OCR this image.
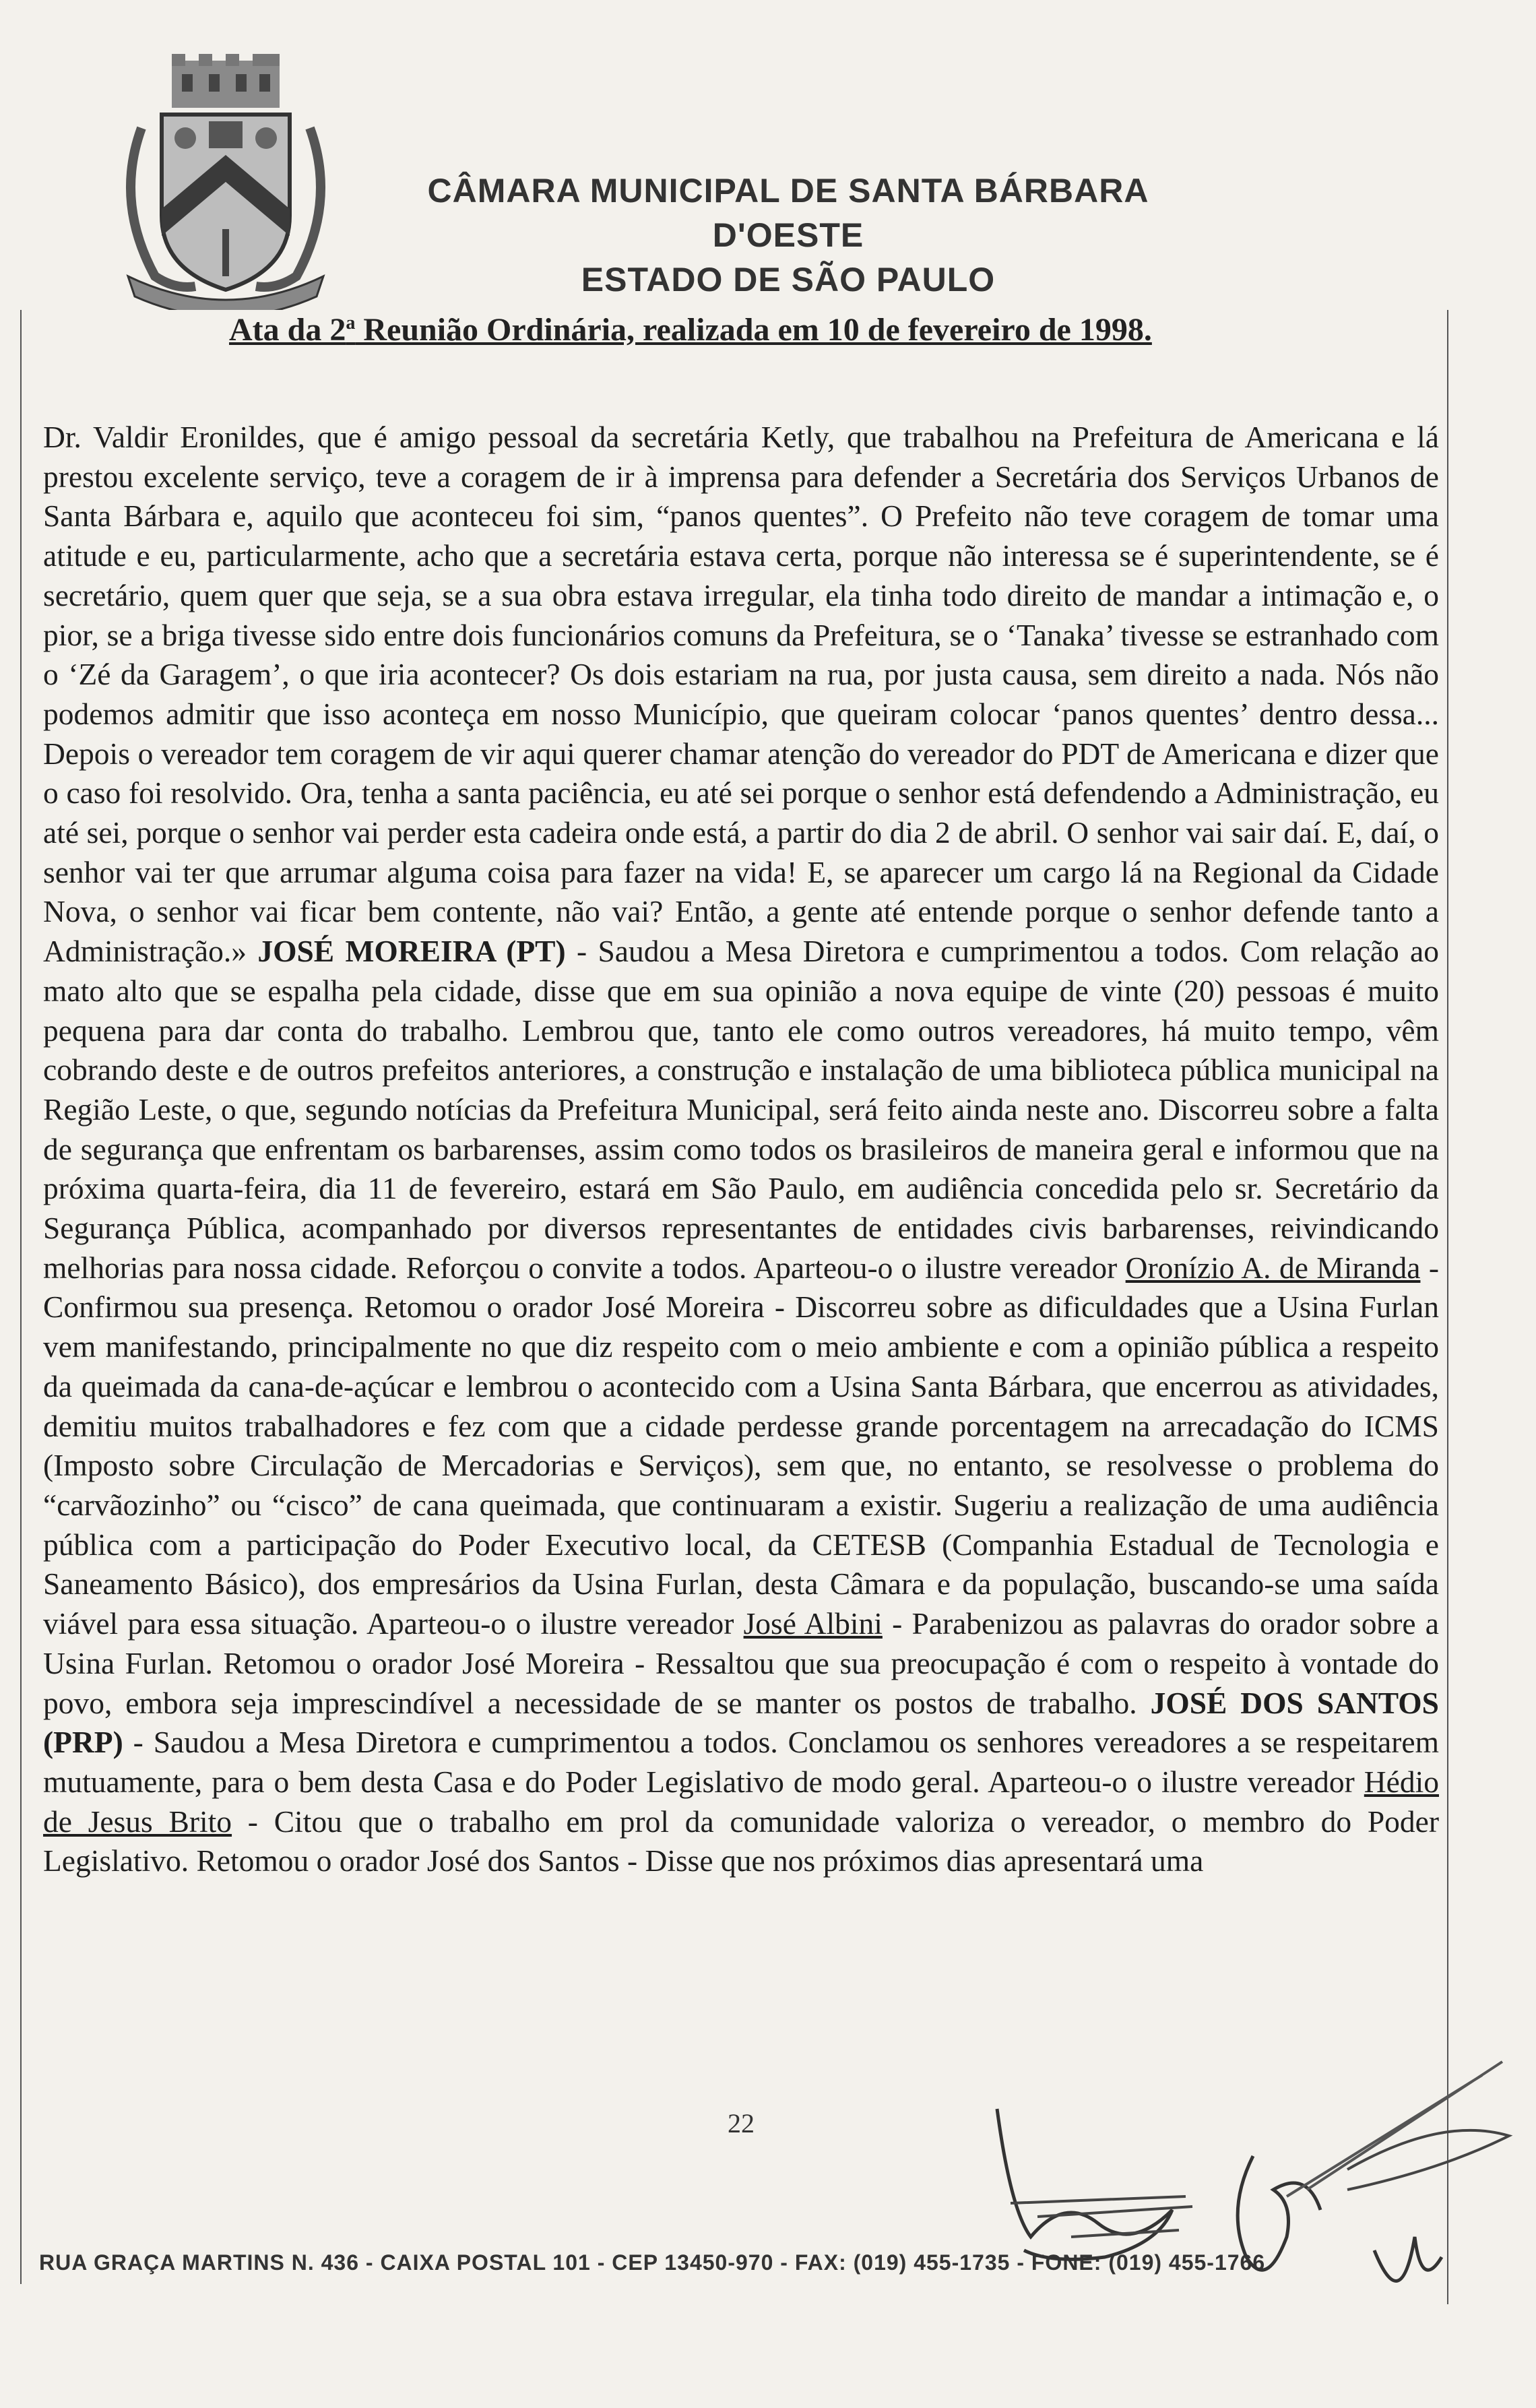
CÂMARA MUNICIPAL DE SANTA BÁRBARA D'OESTE
ESTADO DE SÃO PAULO
Ata da 2$^a$ Reunião Ordinária, realizada em 10 de fevereiro de 1998.
Dr. Valdir Eronildes, que é amigo pessoal da secretária Ketly, que trabalhou na Prefeitura de Americana e lá prestou excelente serviço, teve a coragem de ir à imprensa para defender a Secretária dos Serviços Urbanos de Santa Bárbara e, aquilo que aconteceu foi sim, “panos quentes”. O Prefeito não teve coragem de tomar uma atitude e eu, particularmente, acho que a secretária estava certa, porque não interessa se é superintendente, se é secretário, quem quer que seja, se a sua obra estava irregular, ela tinha todo direito de mandar a intimação e, o pior, se a briga tivesse sido entre dois funcionários comuns da Prefeitura, se o ‘Tanaka’ tivesse se estranhado com o ‘Zé da Garagem’, o que iria acontecer? Os dois estariam na rua, por justa causa, sem direito a nada. Nós não podemos admitir que isso aconteça em nosso Município, que queiram colocar ‘panos quentes’ dentro dessa... Depois o vereador tem coragem de vir aqui querer chamar atenção do vereador do PDT de Americana e dizer que o caso foi resolvido. Ora, tenha a santa paciência, eu até sei porque o senhor está defendendo a Administração, eu até sei, porque o senhor vai perder esta cadeira onde está, a partir do dia 2 de abril. O senhor vai sair daí. E, daí, o senhor vai ter que arrumar alguma coisa para fazer na vida! E, se aparecer um cargo lá na Regional da Cidade Nova, o senhor vai ficar bem contente, não vai? Então, a gente até entende porque o senhor defende tanto a Administração.» JOSÉ MOREIRA (PT) - Saudou a Mesa Diretora e cumprimentou a todos. Com relação ao mato alto que se espalha pela cidade, disse que em sua opinião a nova equipe de vinte (20) pessoas é muito pequena para dar conta do trabalho. Lembrou que, tanto ele como outros vereadores, há muito tempo, vêm cobrando deste e de outros prefeitos anteriores, a construção e instalação de uma biblioteca pública municipal na Região Leste, o que, segundo notícias da Prefeitura Municipal, será feito ainda neste ano. Discorreu sobre a falta de segurança que enfrentam os barbarenses, assim como todos os brasileiros de maneira geral e informou que na próxima quarta-feira, dia 11 de fevereiro, estará em São Paulo, em audiência concedida pelo sr. Secretário da Segurança Pública, acompanhado por diversos representantes de entidades civis barbarenses, reivindicando melhorias para nossa cidade. Reforçou o convite a todos. Aparteou-o o ilustre vereador Oronízio A. de Miranda - Confirmou sua presença. Retomou o orador José Moreira - Discorreu sobre as dificuldades que a Usina Furlan vem manifestando, principalmente no que diz respeito com o meio ambiente e com a opinião pública a respeito da queimada da cana-de-açúcar e lembrou o acontecido com a Usina Santa Bárbara, que encerrou as atividades, demitiu muitos trabalhadores e fez com que a cidade perdesse grande porcentagem na arrecadação do ICMS (Imposto sobre Circulação de Mercadorias e Serviços), sem que, no entanto, se resolvesse o problema do “carvãozinho” ou “cisco” de cana queimada, que continuaram a existir. Sugeriu a realização de uma audiência pública com a participação do Poder Executivo local, da CETESB (Companhia Estadual de Tecnologia e Saneamento Básico), dos empresários da Usina Furlan, desta Câmara e da população, buscando-se uma saída viável para essa situação. Aparteou-o o ilustre vereador José Albini - Parabenizou as palavras do orador sobre a Usina Furlan. Retomou o orador José Moreira - Ressaltou que sua preocupação é com o respeito à vontade do povo, embora seja imprescindível a necessidade de se manter os postos de trabalho. JOSÉ DOS SANTOS (PRP) - Saudou a Mesa Diretora e cumprimentou a todos. Conclamou os senhores vereadores a se respeitarem mutuamente, para o bem desta Casa e do Poder Legislativo de modo geral. Aparteou-o o ilustre vereador Hédio de Jesus Brito - Citou que o trabalho em prol da comunidade valoriza o vereador, o membro do Poder Legislativo. Retomou o orador José dos Santos - Disse que nos próximos dias apresentará uma
22
RUA GRAÇA MARTINS N. 436 - CAIXA POSTAL 101 - CEP 13450-970 - FAX: (019) 455-1735 - FONE: (019) 455-1766
